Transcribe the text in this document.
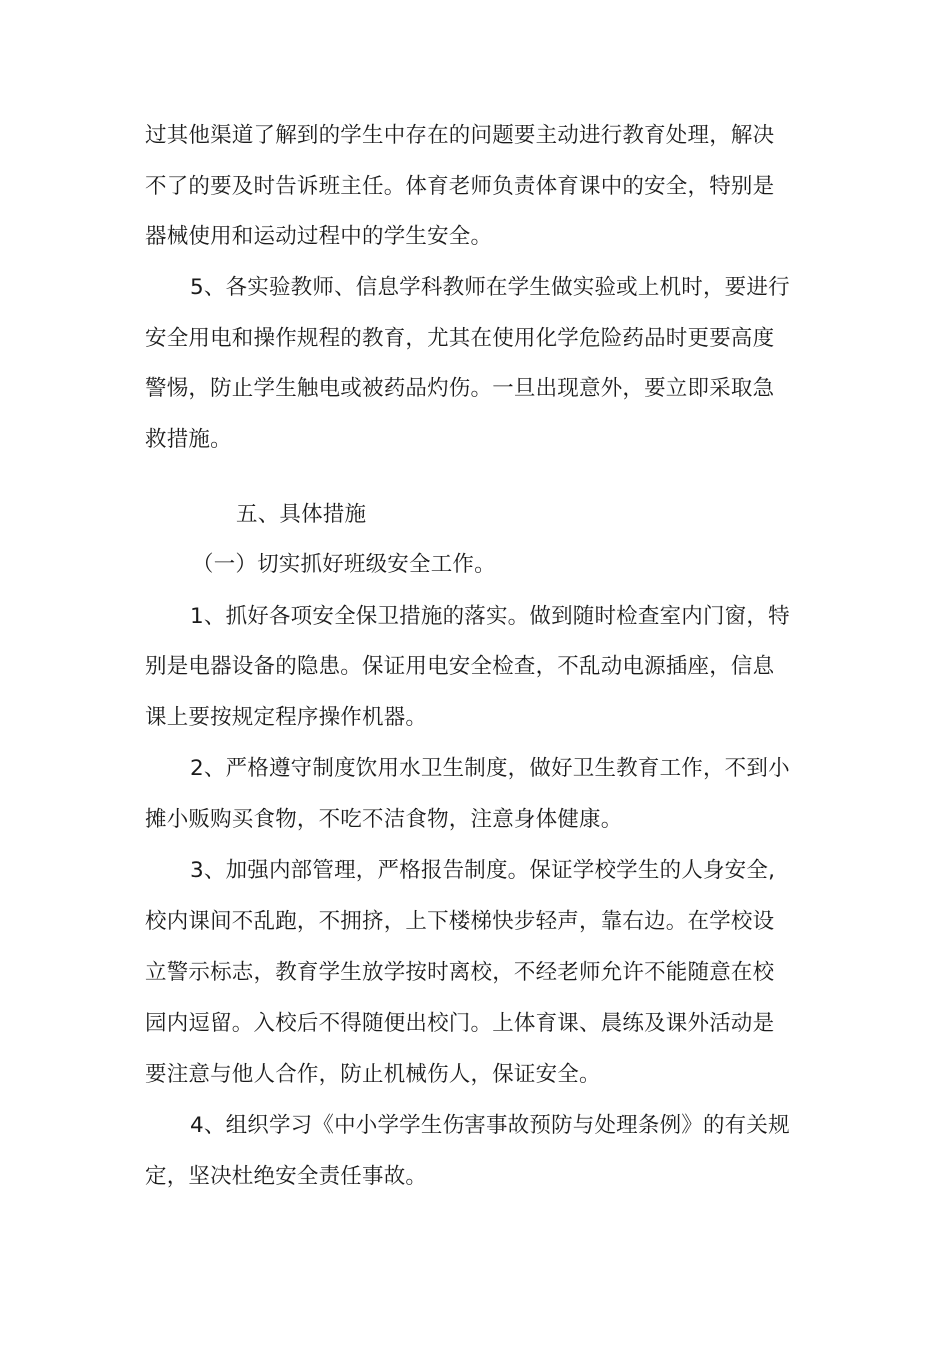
过其他渠道了解到的学生中存在的问题要主动进行教育处理，解决
不了的要及时告诉班主任。体育老师负责体育课中的安全，特别是
器械使用和运动过程中的学生安全。
5、各实验教师、信息学科教师在学生做实验或上机时，要进行
安全用电和操作规程的教育，尤其在使用化学危险药品时更要高度
警惕，防止学生触电或被药品灼伤。一旦出现意外，要立即采取急
救措施。
五、具体措施
（一）切实抓好班级安全工作。
1、抓好各项安全保卫措施的落实。做到随时检查室内门窗，特
别是电器设备的隐患。保证用电安全检查，不乱动电源插座，信息
课上要按规定程序操作机器。
2、严格遵守制度饮用水卫生制度，做好卫生教育工作，不到小
摊小贩购买食物，不吃不洁食物，注意身体健康。
3、加强内部管理，严格报告制度。保证学校学生的人身安全,
校内课间不乱跑，不拥挤，上下楼梯快步轻声，靠右边。在学校设
立警示标志，教育学生放学按时离校，不经老师允许不能随意在校
园内逗留。入校后不得随便出校门。上体育课、晨练及课外活动是
要注意与他人合作，防止机械伤人，保证安全。
4、组织学习《中小学学生伤害事故预防与处理条例》的有关规
定，坚决杜绝安全责任事故。
